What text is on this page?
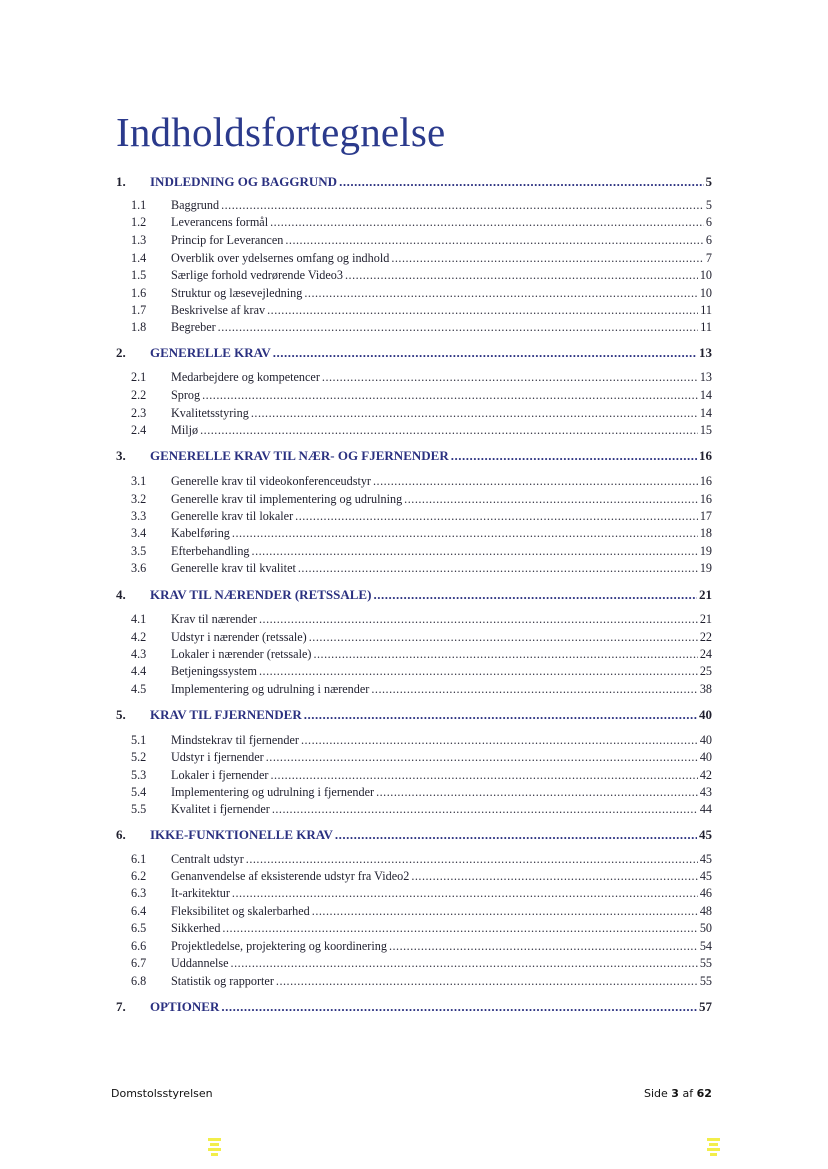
Indholdsfortegnelse
1.	INDLEDNING OG BAGGRUND .....	5
1.1	Baggrund .....	5
1.2	Leverancens formål .....	6
1.3	Princip for Leverancen .....	6
1.4	Overblik over ydelsernes omfang og indhold .....	7
1.5	Særlige forhold vedrørende Video3 .....	10
1.6	Struktur og læsevejledning .....	10
1.7	Beskrivelse af krav .....	11
1.8	Begreber .....	11
2.	GENERELLE KRAV .....	13
2.1	Medarbejdere og kompetencer .....	13
2.2	Sprog .....	14
2.3	Kvalitetsstyring .....	14
2.4	Miljø .....	15
3.	GENERELLE KRAV TIL NÆR- OG FJERNENDER .....	16
3.1	Generelle krav til videokonferenceudstyr .....	16
3.2	Generelle krav til implementering og udrulning .....	16
3.3	Generelle krav til lokaler .....	17
3.4	Kabelføring .....	18
3.5	Efterbehandling .....	19
3.6	Generelle krav til kvalitet .....	19
4.	KRAV TIL NÆRENDER (RETSSALE) .....	21
4.1	Krav til nærender .....	21
4.2	Udstyr i nærender (retssale) .....	22
4.3	Lokaler i nærender (retssale) .....	24
4.4	Betjeningssystem .....	25
4.5	Implementering og udrulning i nærender .....	38
5.	KRAV TIL FJERNENDER .....	40
5.1	Mindstekrav til fjernender .....	40
5.2	Udstyr i fjernender .....	40
5.3	Lokaler i fjernender .....	42
5.4	Implementering og udrulning i fjernender .....	43
5.5	Kvalitet i fjernender .....	44
6.	IKKE-FUNKTIONELLE KRAV .....	45
6.1	Centralt udstyr .....	45
6.2	Genanvendelse af eksisterende udstyr fra Video2 .....	45
6.3	It-arkitektur .....	46
6.4	Fleksibilitet og skalerbarhed .....	48
6.5	Sikkerhed .....	50
6.6	Projektledelse, projektering og koordinering .....	54
6.7	Uddannelse .....	55
6.8	Statistik og rapporter .....	55
7.	OPTIONER .....	57
Domstolsstyrelsen	Side 3 af 62
